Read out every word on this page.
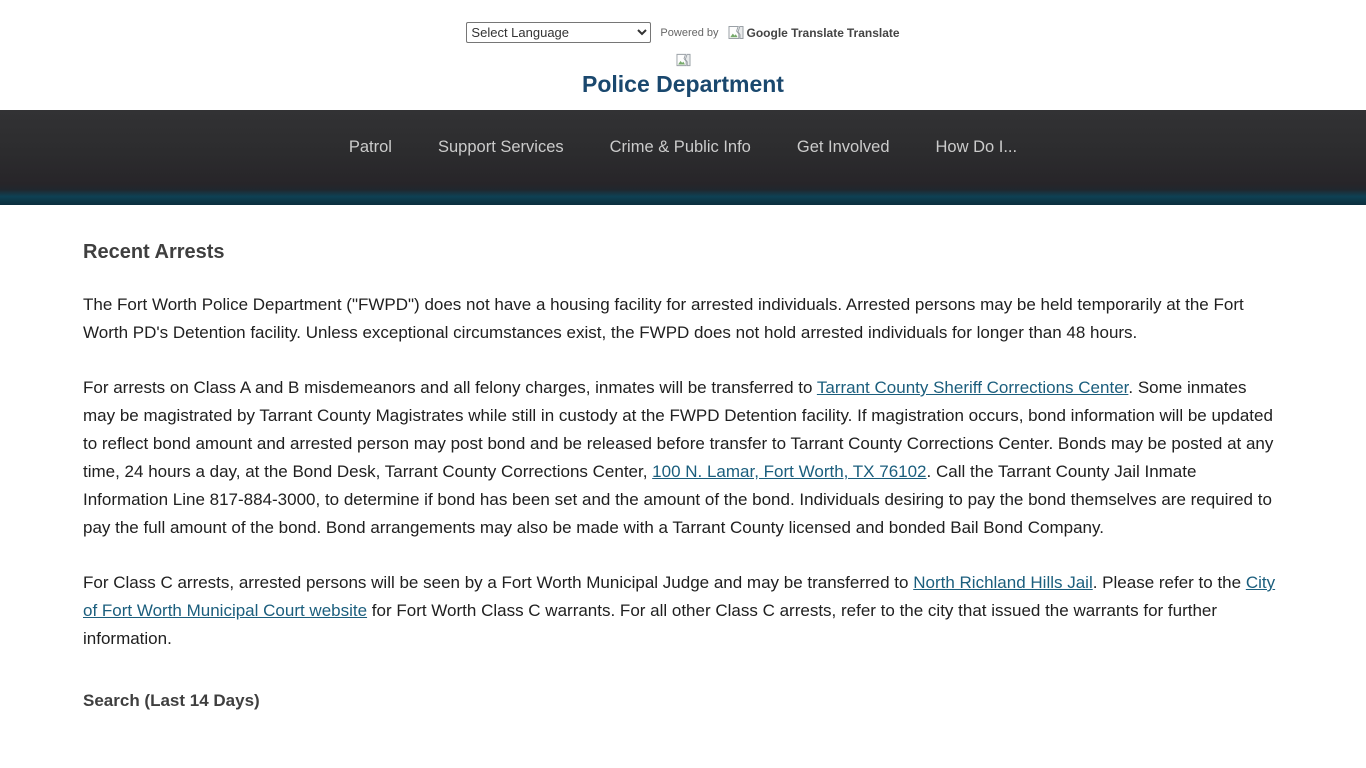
Select Language
Powered by Google Translate Translate
Police Department
Patrol	Support Services	Crime & Public Info	Get Involved	How Do I...
Recent Arrests

The Fort Worth Police Department ("FWPD") does not have a housing facility for arrested individuals. Arrested persons may be held temporarily at the Fort Worth PD's Detention facility. Unless exceptional circumstances exist, the FWPD does not hold arrested individuals for longer than 48 hours.

For arrests on Class A and B misdemeanors and all felony charges, inmates will be transferred to Tarrant County Sheriff Corrections Center. Some inmates may be magistrated by Tarrant County Magistrates while still in custody at the FWPD Detention facility. If magistration occurs, bond information will be updated to reflect bond amount and arrested person may post bond and be released before transfer to Tarrant County Corrections Center. Bonds may be posted at any time, 24 hours a day, at the Bond Desk, Tarrant County Corrections Center, 100 N. Lamar, Fort Worth, TX 76102. Call the Tarrant County Jail Inmate Information Line 817-884-3000, to determine if bond has been set and the amount of the bond. Individuals desiring to pay the bond themselves are required to pay the full amount of the bond. Bond arrangements may also be made with a Tarrant County licensed and bonded Bail Bond Company.

For Class C arrests, arrested persons will be seen by a Fort Worth Municipal Judge and may be transferred to North Richland Hills Jail. Please refer to the City of Fort Worth Municipal Court website for Fort Worth Class C warrants. For all other Class C arrests, refer to the city that issued the warrants for further information.

Search (Last 14 Days)
